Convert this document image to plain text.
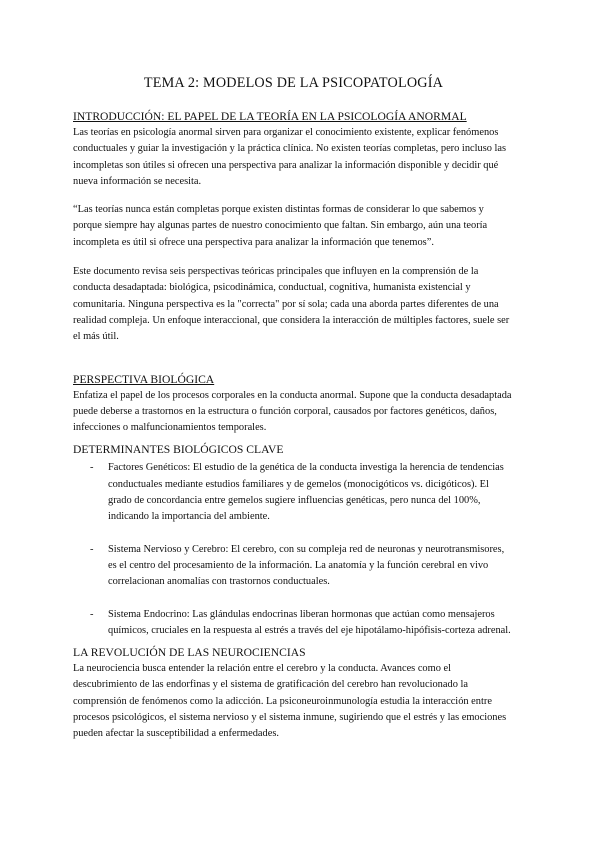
TEMA 2: MODELOS DE LA PSICOPATOLOGÍA
INTRODUCCIÓN: EL PAPEL DE LA TEORÍA EN LA PSICOLOGÍA ANORMAL

Las teorías en psicología anormal sirven para organizar el conocimiento existente, explicar fenómenos conductuales y guiar la investigación y la práctica clínica. No existen teorías completas, pero incluso las incompletas son útiles si ofrecen una perspectiva para analizar la información disponible y decidir qué nueva información se necesita.

“Las teorías nunca están completas porque existen distintas formas de considerar lo que sabemos y porque siempre hay algunas partes de nuestro conocimiento que faltan. Sin embargo, aún una teoría incompleta es útil si ofrece una perspectiva para analizar la información que tenemos”.

Este documento revisa seis perspectivas teóricas principales que influyen en la comprensión de la conducta desadaptada: biológica, psicodinámica, conductual, cognitiva, humanista existencial y comunitaria. Ninguna perspectiva es la "correcta" por sí sola; cada una aborda partes diferentes de una realidad compleja. Un enfoque interaccional, que considera la interacción de múltiples factores, suele ser el más útil.

PERSPECTIVA BIOLÓGICA

Enfatiza el papel de los procesos corporales en la conducta anormal. Supone que la conducta desadaptada puede deberse a trastornos en la estructura o función corporal, causados por factores genéticos, daños, infecciones o malfuncionamientos temporales.

DETERMINANTES BIOLÓGICOS CLAVE
- Factores Genéticos: El estudio de la genética de la conducta investiga la herencia de tendencias conductuales mediante estudios familiares y de gemelos (monocigóticos vs. dicigóticos). El grado de concordancia entre gemelos sugiere influencias genéticas, pero nunca del 100%, indicando la importancia del ambiente.
- Sistema Nervioso y Cerebro: El cerebro, con su compleja red de neuronas y neurotransmisores, es el centro del procesamiento de la información. La anatomía y la función cerebral en vivo correlacionan anomalías con trastornos conductuales.
- Sistema Endocrino: Las glándulas endocrinas liberan hormonas que actúan como mensajeros químicos, cruciales en la respuesta al estrés a través del eje hipotálamo-hipófisis-corteza adrenal.
LA REVOLUCIÓN DE LAS NEUROCIENCIAS

La neurociencia busca entender la relación entre el cerebro y la conducta. Avances como el descubrimiento de las endorfinas y el sistema de gratificación del cerebro han revolucionado la comprensión de fenómenos como la adicción. La psiconeuroinmunología estudia la interacción entre procesos psicológicos, el sistema nervioso y el sistema inmune, sugiriendo que el estrés y las emociones pueden afectar la susceptibilidad a enfermedades.
